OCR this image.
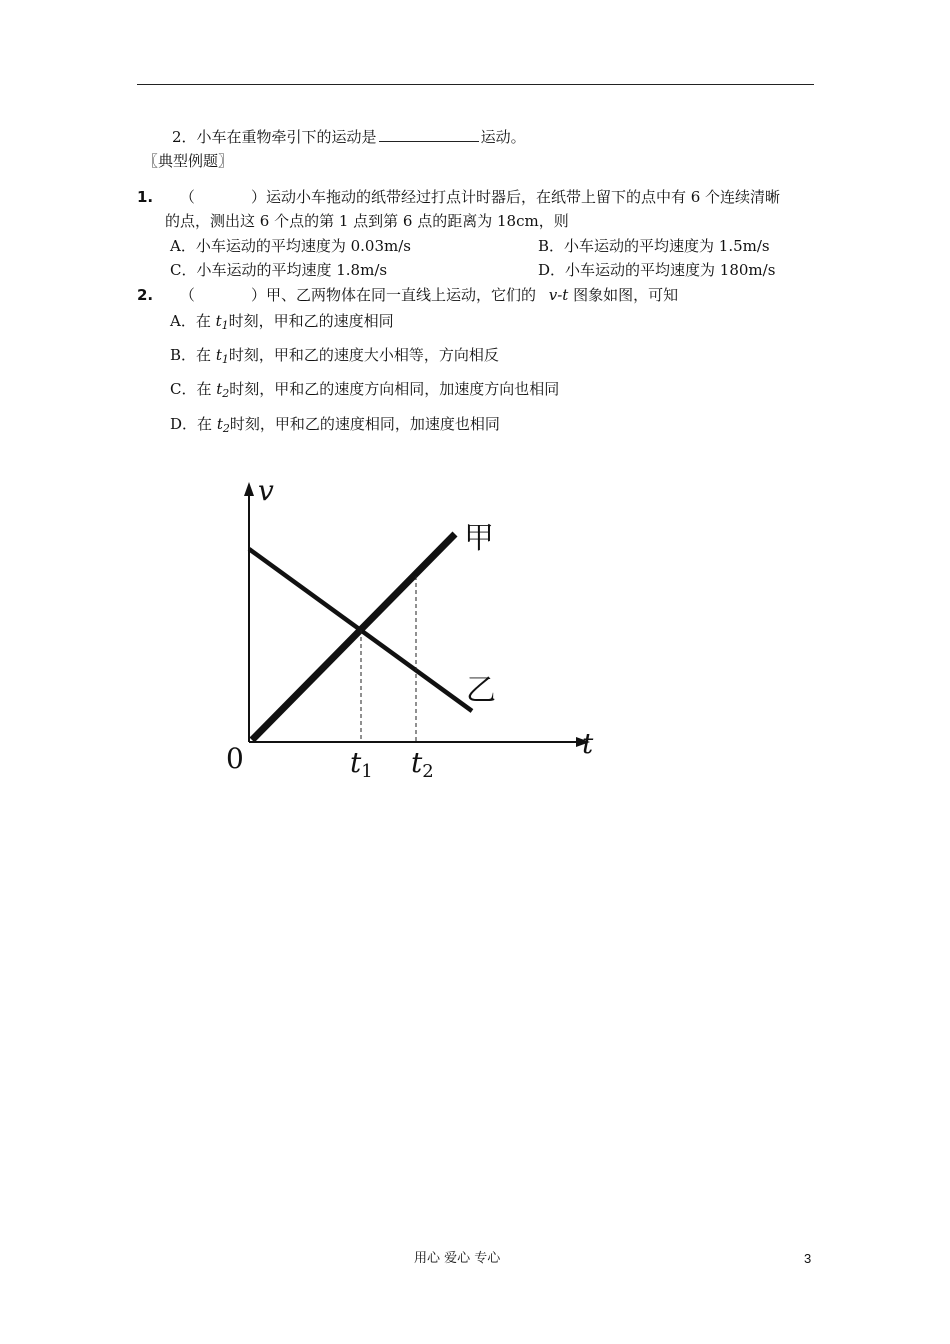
2．小车在重物牵引下的运动是	运动。
〖典型例题〗
1. （	）运动小车拖动的纸带经过打点计时器后，在纸带上留下的点中有 6 个连续清晰
的点，测出这 6 个点的第 1 点到第 6 点的距离为 18cm，则
A．小车运动的平均速度为 0.03m/s	B．小车运动的平均速度为 1.5m/s
C．小车运动的平均速度 1.8m/s	D．小车运动的平均速度为 180m/s
2. （	）甲、乙两物体在同一直线上运动，它们的 v-t 图象如图，可知
A．在 $t_1$时刻，甲和乙的速度相同
B．在 $t_1$时刻，甲和乙的速度大小相等，方向相反
C．在 $t_2$时刻，甲和乙的速度方向相同，加速度方向也相同
D．在 $t_2$时刻，甲和乙的速度相同，加速度也相同
v
t
0	t1 t2
甲
乙
用心 爱心 专心	3
